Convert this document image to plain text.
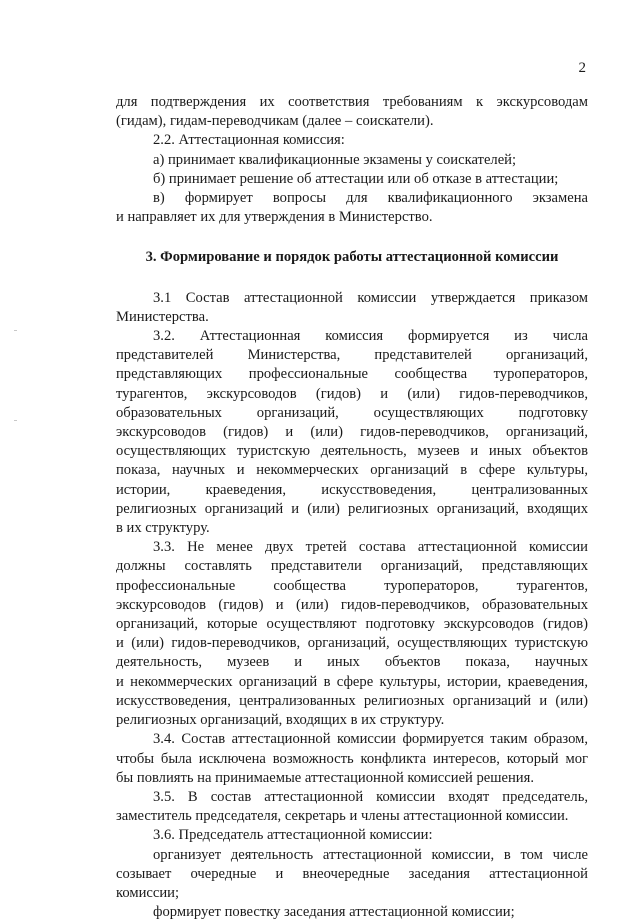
2
для подтверждения их соответствия требованиям к экскурсоводам
(гидам), гидам-переводчикам (далее – соискатели).

2.2. Аттестационная комиссия:

а) принимает квалификационные экзамены у соискателей;

б) принимает решение об аттестации или об отказе в аттестации;

в) формирует вопросы для квалификационного экзамена
и направляет их для утверждения в Министерство.

3. Формирование и порядок работы аттестационной комиссии

3.1 Состав аттестационной комиссии утверждается приказом
Министерства.
3.2. Аттестационная комиссия формируется из числа
представителей Министерства, представителей организаций,
представляющих профессиональные сообщества туроператоров,
турагентов, экскурсоводов (гидов) и (или) гидов-переводчиков,
образовательных организаций, осуществляющих подготовку
экскурсоводов (гидов) и (или) гидов-переводчиков, организаций,
осуществляющих туристскую деятельность, музеев и иных объектов
показа, научных и некоммерческих организаций в сфере культуры,
истории, краеведения, искусствоведения, централизованных
религиозных организаций и (или) религиозных организаций, входящих
в их структуру.
3.3. Не менее двух третей состава аттестационной комиссии
должны составлять представители организаций, представляющих
профессиональные сообщества туроператоров, турагентов,
экскурсоводов (гидов) и (или) гидов-переводчиков, образовательных
организаций, которые осуществляют подготовку экскурсоводов (гидов)
и (или) гидов-переводчиков, организаций, осуществляющих туристскую
деятельность, музеев и иных объектов показа, научных
и некоммерческих организаций в сфере культуры, истории, краеведения,
искусствоведения, централизованных религиозных организаций и (или)
религиозных организаций, входящих в их структуру.
3.4. Состав аттестационной комиссии формируется таким образом,
чтобы была исключена возможность конфликта интересов, который мог
бы повлиять на принимаемые аттестационной комиссией решения.
3.5. В состав аттестационной комиссии входят председатель,
заместитель председателя, секретарь и члены аттестационной комиссии.

3.6. Председатель аттестационной комиссии:

организует деятельность аттестационной комиссии, в том числе
созывает очередные и внеочередные заседания аттестационной
комиссии;

формирует повестку заседания аттестационной комиссии;
